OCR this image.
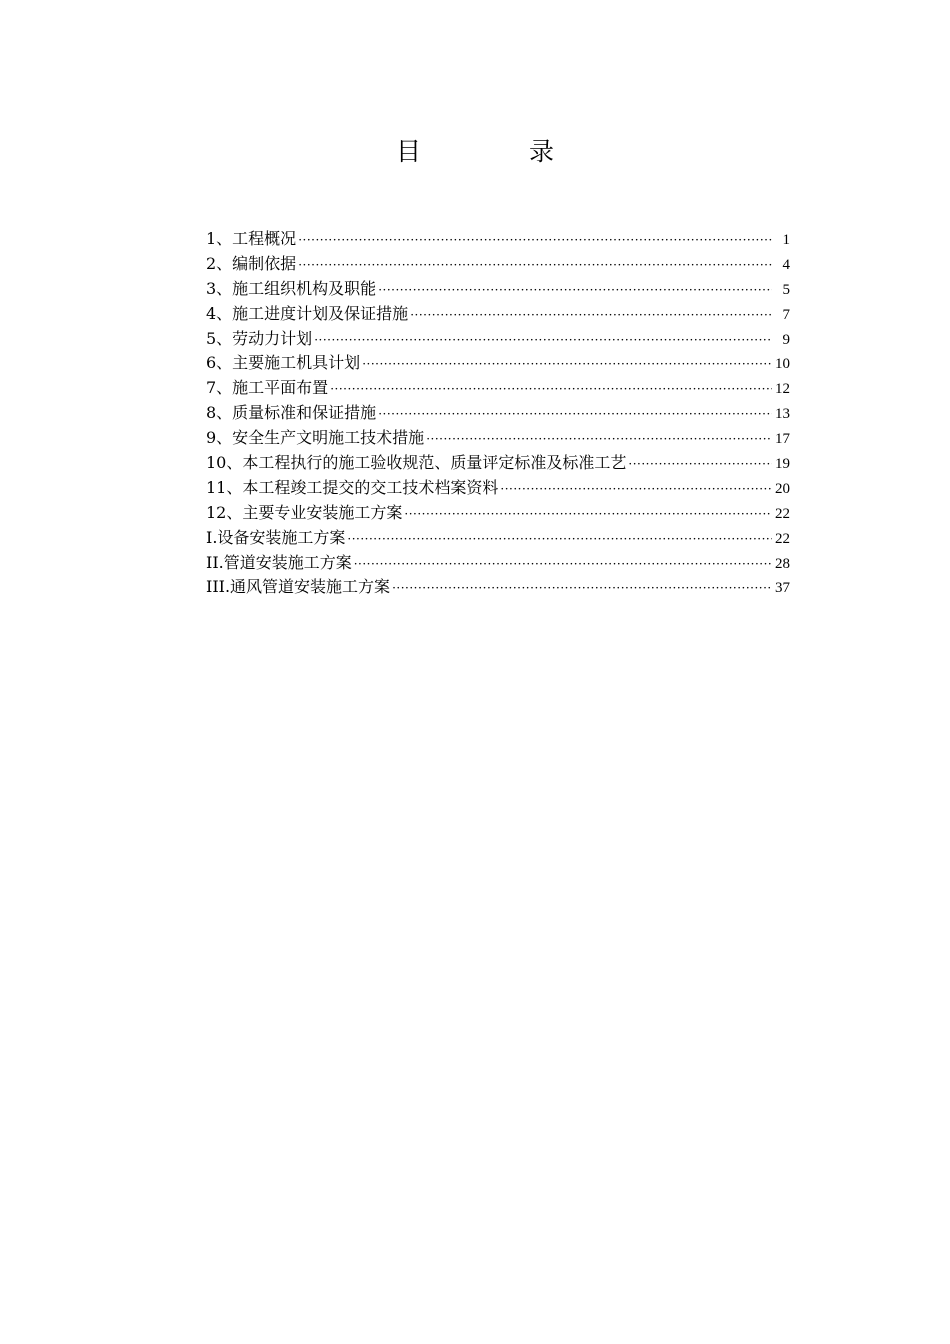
目	录
1、工程概况 ·····	1
2、编制依据 ·····	4
3、施工组织机构及职能 ·····	5
4、施工进度计划及保证措施 ·····	7
5、劳动力计划 ·····	9
6、主要施工机具计划 ·····	10
7、施工平面布置 ·····	12
8、质量标准和保证措施 ·····	13
9、安全生产文明施工技术措施 ·····	17
10、本工程执行的施工验收规范、质量评定标准及标准工艺 ·····	19
11、本工程竣工提交的交工技术档案资料 ·····	20
12、主要专业安装施工方案 ·····	22
I.设备安装施工方案 ·····	22
II.管道安装施工方案 ·····	28
III.通风管道安装施工方案 ·····	37
